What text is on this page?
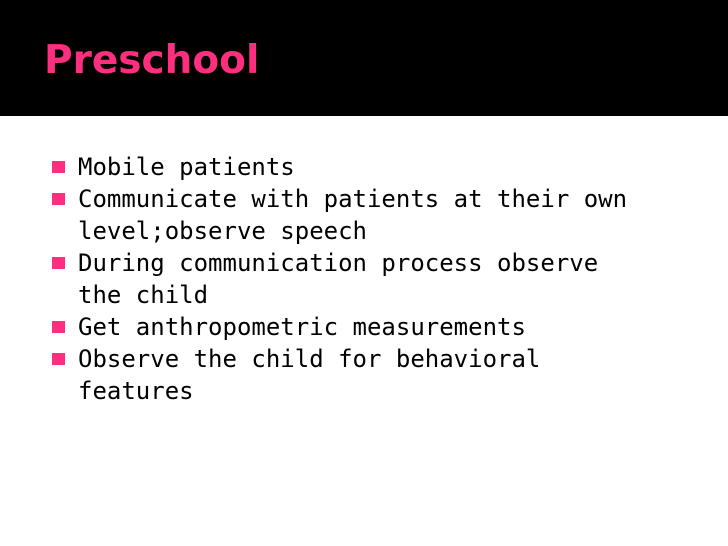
Preschool
Mobile patients
Communicate with patients at their own
level;observe speech
During communication process observe
the child
Get anthropometric measurements
Observe the child for behavioral
features
